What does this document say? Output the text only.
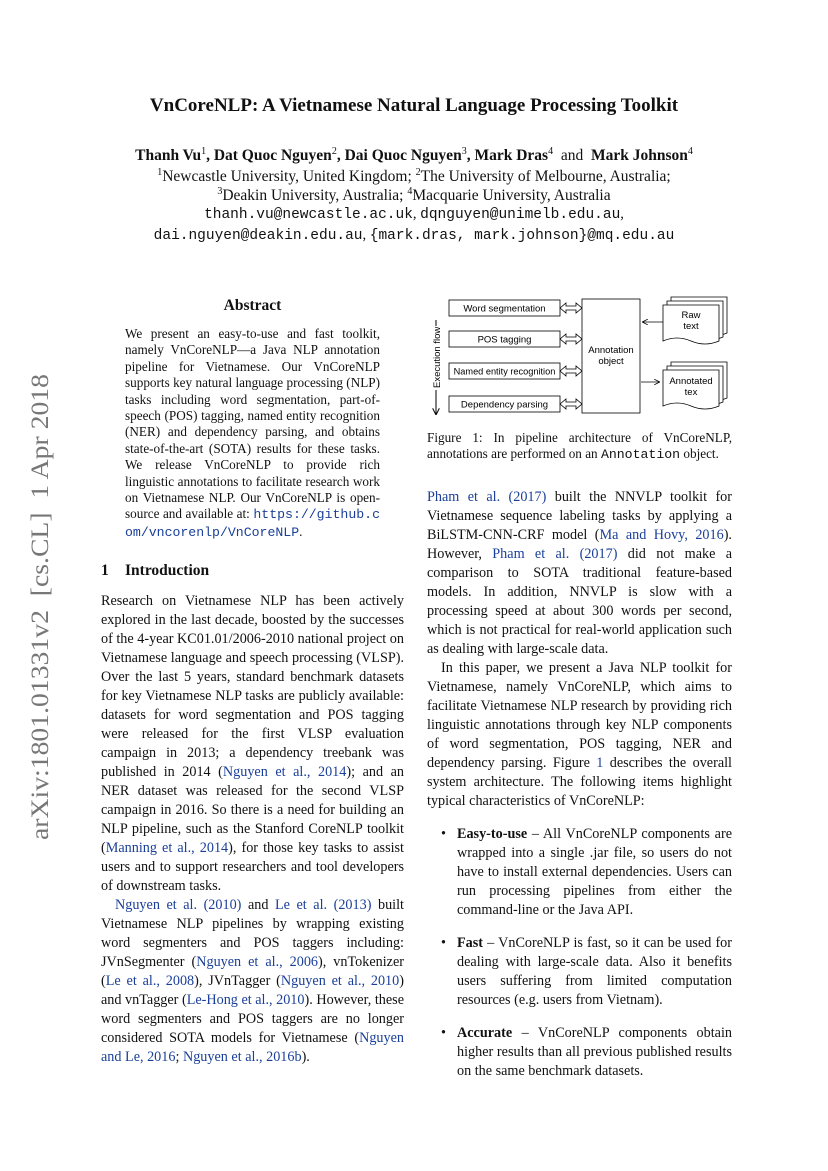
arXiv:1801.01331v2  [cs.CL]  1 Apr 2018
VnCoreNLP: A Vietnamese Natural Language Processing Toolkit

Thanh Vu$^1$, Dat Quoc Nguyen$^2$, Dai Quoc Nguyen$^3$, Mark Dras$^4$ and Mark Johnson$^4$

$^1$Newcastle University, United Kingdom; $^2$The University of Melbourne, Australia;

$^3$Deakin University, Australia; $^4$Macquarie University, Australia

thanh.vu@newcastle.ac.uk, dqnguyen@unimelb.edu.au,

dai.nguyen@deakin.edu.au, {mark.dras, mark.johnson}@mq.edu.au

Abstract

We present an easy-to-use and fast toolkit, namely VnCoreNLP—a Java NLP annotation pipeline for Vietnamese. Our VnCoreNLP supports key natural language processing (NLP) tasks including word segmentation, part-of-speech (POS) tagging, named entity recognition (NER) and dependency parsing, and obtains state-of-the-art (SOTA) results for these tasks. We release VnCoreNLP to provide rich linguistic annotations to facilitate research work on Vietnamese NLP. Our VnCoreNLP is open-source and available at: https://github.com/vncorenlp/VnCoreNLP.

1 Introduction

Research on Vietnamese NLP has been actively explored in the last decade, boosted by the successes of the 4-year KC01.01/2006-2010 national project on Vietnamese language and speech processing (VLSP). Over the last 5 years, standard benchmark datasets for key Vietnamese NLP tasks are publicly available: datasets for word segmentation and POS tagging were released for the first VLSP evaluation campaign in 2013; a dependency treebank was published in 2014 (Nguyen et al., 2014); and an NER dataset was released for the second VLSP campaign in 2016. So there is a need for building an NLP pipeline, such as the Stanford CoreNLP toolkit (Manning et al., 2014), for those key tasks to assist users and to support researchers and tool developers of downstream tasks.

Nguyen et al. (2010) and Le et al. (2013) built Vietnamese NLP pipelines by wrapping existing word segmenters and POS taggers including: JVnSegmenter (Nguyen et al., 2006), vnTokenizer (Le et al., 2008), JVnTagger (Nguyen et al., 2010) and vnTagger (Le-Hong et al., 2010). However, these word segmenters and POS taggers are no longer considered SOTA models for Vietnamese (Nguyen and Le, 2016; Nguyen et al., 2016b).

Execution flow
Word segmentation
POS tagging
Named entity recognition
Dependency parsing
Annotation
object
Raw
text
Annotated
tex

Figure 1: In pipeline architecture of VnCoreNLP, annotations are performed on an Annotation object.

Pham et al. (2017) built the NNVLP toolkit for Vietnamese sequence labeling tasks by applying a BiLSTM-CNN-CRF model (Ma and Hovy, 2016). However, Pham et al. (2017) did not make a comparison to SOTA traditional feature-based models. In addition, NNVLP is slow with a processing speed at about 300 words per second, which is not practical for real-world application such as dealing with large-scale data.

In this paper, we present a Java NLP toolkit for Vietnamese, namely VnCoreNLP, which aims to facilitate Vietnamese NLP research by providing rich linguistic annotations through key NLP components of word segmentation, POS tagging, NER and dependency parsing. Figure 1 describes the overall system architecture. The following items highlight typical characteristics of VnCoreNLP:

• Easy-to-use – All VnCoreNLP components are wrapped into a single .jar file, so users do not have to install external dependencies. Users can run processing pipelines from either the command-line or the Java API.
• Fast – VnCoreNLP is fast, so it can be used for dealing with large-scale data. Also it benefits users suffering from limited computation resources (e.g. users from Vietnam).
• Accurate – VnCoreNLP components obtain higher results than all previous published results on the same benchmark datasets.
